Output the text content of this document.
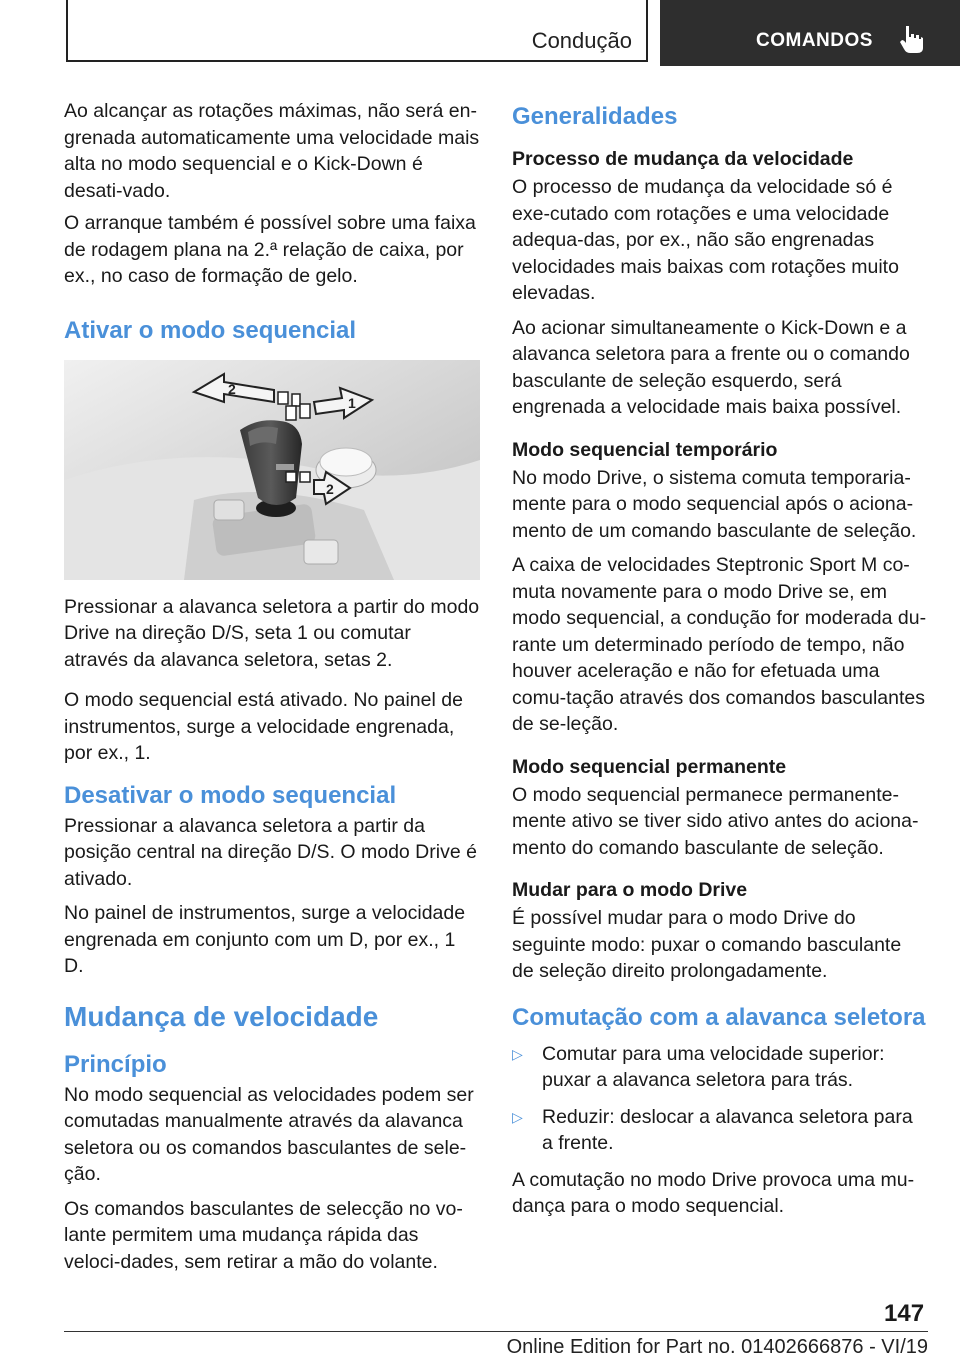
Condução	COMANDOS

Ao alcançar as rotações máximas, não será en-grenada automaticamente uma velocidade mais alta no modo sequencial e o Kick-Down é desati-vado.

O arranque também é possível sobre uma faixa de rodagem plana na 2.ª relação de caixa, por ex., no caso de formação de gelo.

Ativar o modo sequencial
2
1
2

Pressionar a alavanca seletora a partir do modo Drive na direção D/S, seta 1 ou comutar através da alavanca seletora, setas 2.

O modo sequencial está ativado. No painel de instrumentos, surge a velocidade engrenada, por ex., 1.

Desativar o modo sequencial

Pressionar a alavanca seletora a partir da posição central na direção D/S. O modo Drive é ativado.

No painel de instrumentos, surge a velocidade engrenada em conjunto com um D, por ex., 1 D.

Mudança de velocidade
Princípio

No modo sequencial as velocidades podem ser comutadas manualmente através da alavanca seletora ou os comandos basculantes de sele-ção.

Os comandos basculantes de selecção no vo-lante permitem uma mudança rápida das veloci-dades, sem retirar a mão do volante.

Generalidades
Processo de mudança da velocidade

O processo de mudança da velocidade só é exe-cutado com rotações e uma velocidade adequa-das, por ex., não são engrenadas velocidades mais baixas com rotações muito elevadas.

Ao acionar simultaneamente o Kick-Down e a alavanca seletora para a frente ou o comando basculante de seleção esquerdo, será engrenada a velocidade mais baixa possível.

Modo sequencial temporário

No modo Drive, o sistema comuta temporaria-mente para o modo sequencial após o aciona-mento de um comando basculante de seleção.

A caixa de velocidades Steptronic Sport M co-muta novamente para o modo Drive se, em modo sequencial, a condução for moderada du-rante um determinado período de tempo, não houver aceleração e não for efetuada uma comu-tação através dos comandos basculantes de se-leção.

Modo sequencial permanente

O modo sequencial permanece permanente-mente ativo se tiver sido ativo antes do aciona-mento do comando basculante de seleção.

Mudar para o modo Drive

É possível mudar para o modo Drive do seguinte modo: puxar o comando basculante de seleção direito prolongadamente.

Comutação com a alavanca seletora
▷ Comutar para uma velocidade superior: puxar a alavanca seletora para trás.
▷ Reduzir: deslocar a alavanca seletora para a frente.

A comutação no modo Drive provoca uma mu-dança para o modo sequencial.

147
Online Edition for Part no. 01402666876 - VI/19
